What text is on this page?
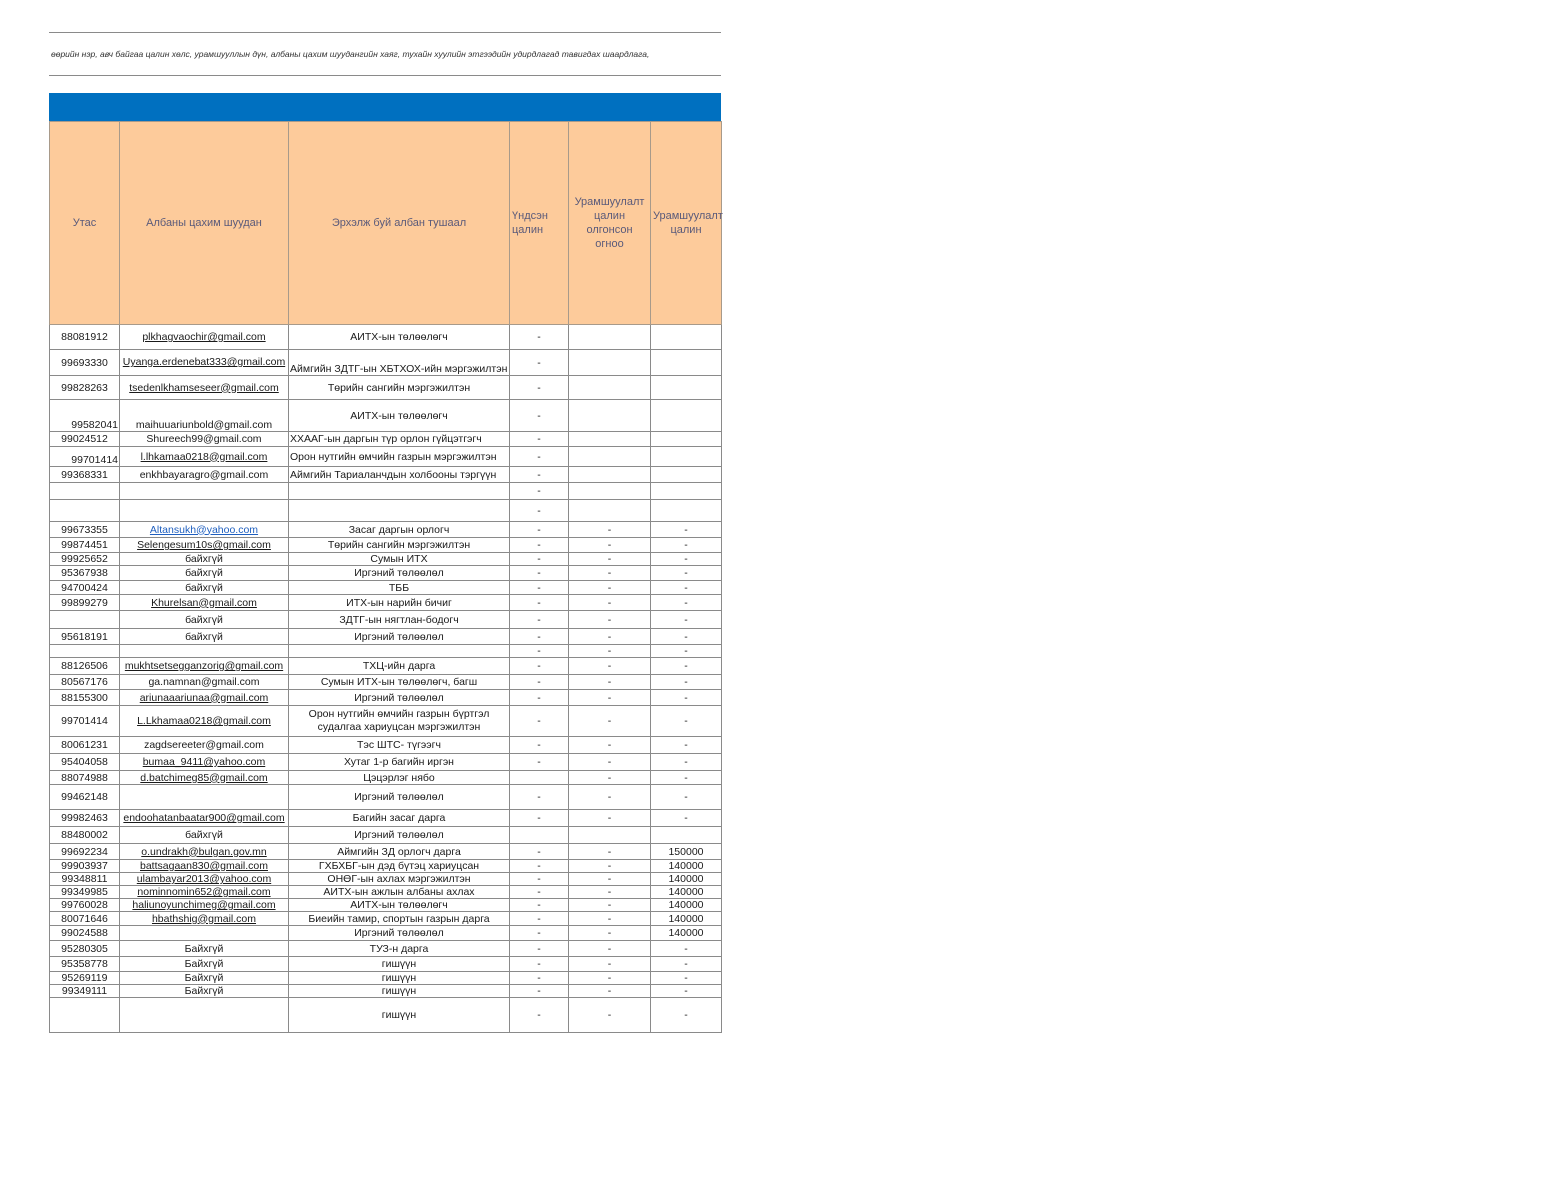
өөрийн нэр, авч байгаа цалин хөлс, урамшууллын дүн, албаны цахим шуудангийн хаяг, тухайн хуулийн этгээдийн удирдлагад тавигдах шаардлага,
Утас	Албаны цахим шуудан	Эрхэлж буй албан тушаал	Үндсэн цалин	Урамшуулалт цалин олгонсон огноо	Урамшуулалт цалин
88081912	plkhagvaochir@gmail.com	АИТХ-ын төлөөлөгч	-		
99693330	Uyanga.erdenebat333@gmail.com	Аймгийн ЗДТГ-ын ХБТХОХ-ийн мэргэжилтэн	-		
99828263	tsedenlkhamseseer@gmail.com	Төрийн сангийн мэргэжилтэн	-		
99582041	maihuuariunbold@gmail.com	АИТХ-ын төлөөлөгч	-		
99024512	Shureech99@gmail.com	ХХААГ-ын даргын түр орлон гүйцэтгэгч	-		
99701414	l.lhkamaa0218@gmail.com	Орон нутгийн өмчийн газрын мэргэжилтэн	-		
99368331	enkhbayaragro@gmail.com	Аймгийн Тариаланчдын холбооны тэргүүн	-		
			-		
			-		
99673355	Altansukh@yahoo.com	Засаг даргын орлогч	-	-	-
99874451	Selengesum10s@gmail.com	Төрийн сангийн мэргэжилтэн	-	-	-
99925652	байхгүй	Сумын ИТХ	-	-	-
95367938	байхгүй	Иргэний төлөөлөл	-	-	-
94700424	байхгүй	ТББ	-	-	-
99899279	Khurelsan@gmail.com	ИТХ-ын нарийн бичиг	-	-	-
	байхгүй	ЗДТГ-ын нягтлан-бодогч	-	-	-
95618191	байхгүй	Иргэний төлөөлөл	-	-	-
			-	-	-
88126506	mukhtsetsegganzorig@gmail.com	ТХЦ-ийн дарга	-	-	-
80567176	ga.namnan@gmail.com	Сумын ИТХ-ын төлөөлөгч, багш	-	-	-
88155300	ariunaaariunaa@gmail.com	Иргэний төлөөлөл	-	-	-
99701414	L.Lkhamaa0218@gmail.com	Орон нутгийн өмчийн газрын бүртгэл судалгаа хариуцсан мэргэжилтэн	-	-	-
80061231	zagdsereeter@gmail.com	Тэс ШТС- түгээгч	-	-	-
95404058	bumaa_9411@yahoo.com	Хутаг 1-р багийн иргэн	-	-	-
88074988	d.batchimeg85@gmail.com	Цэцэрлэг нябо		-	-
99462148		Иргэний төлөөлөл	-	-	-
99982463	endoohatanbaatar900@gmail.com	Багийн засаг дарга	-	-	-
88480002	байхгүй	Иргэний төлөөлөл			
99692234	o.undrakh@bulgan.gov.mn	Аймгийн ЗД орлогч дарга	-	-	150000
99903937	battsagaan830@gmail.com	ГХБХБГ-ын дэд бүтэц хариуцсан	-	-	140000
99348811	ulambayar2013@yahoo.com	ОНӨГ-ын ахлах мэргэжилтэн	-	-	140000
99349985	nominnomin652@gmail.com	АИТХ-ын ажлын албаны ахлах	-	-	140000
99760028	haliunoyunchimeg@gmail.com	АИТХ-ын төлөөлөгч	-	-	140000
80071646	hbathshig@gmail.com	Биеийн тамир, спортын газрын дарга	-	-	140000
99024588		Иргэний төлөөлөл	-	-	140000
95280305	Байхгүй	ТУЗ-н дарга	-	-	-
95358778	Байхгүй	гишүүн	-	-	-
95269119	Байхгүй	гишүүн	-	-	-
99349111	Байхгүй	гишүүн	-	-	-
		гишүүн	-	-	-
